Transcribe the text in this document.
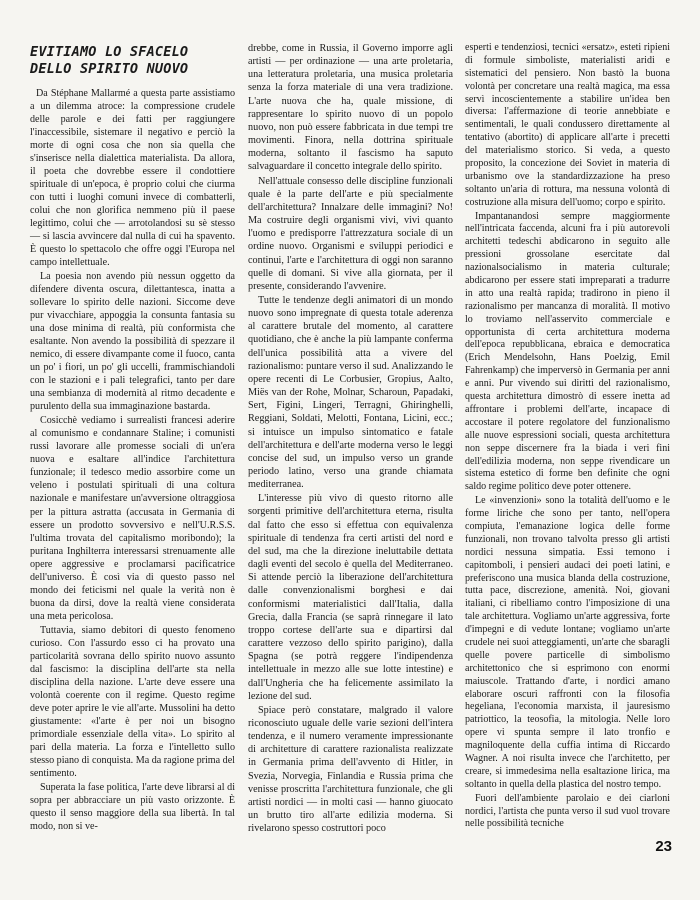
EVITIAMO LO SFACELO
DELLO SPIRITO NUOVO

Da Stéphane Mallarmé a questa parte assistiamo a un dilemma atroce: la compressione crudele delle parole e dei fatti per raggiungere l'inaccessibile, sistemare il negativo e perciò la morte di ogni cosa che non sia quella che s'inserisce nella dialettica materialista. Da allora, il poeta che dovrebbe essere il condottiere spirituale di un'epoca, è proprio colui che ciurma con tutti i luoghi comuni invece di combatterli, colui che non glorifica nemmeno più il paese legittimo, colui che — arrotolandosi su sè stesso — si lascia avvincere dal nulla di cui ha spavento. È questo lo spettacolo che offre oggi l'Europa nel campo intellettuale.

La poesia non avendo più nessun oggetto da difendere diventa oscura, dilettantesca, inatta a sollevare lo spirito delle nazioni. Siccome deve pur vivacchiare, appoggia la consunta fantasia su una dose minima di realtà, più conformista che esaltante. Non avendo la possibilità di spezzare il nemico, di essere divampante come il fuoco, canta un po' i fiori, un po' gli uccelli, frammischiandoli con le stazioni e i pali telegrafici, tanto per dare una sembianza di modernità al ritmo decadente e purulento della sua immaginazione bastarda.

Cosicchè vediamo i surrealisti francesi aderire al comunismo e condannare Staline; i comunisti russi lavorare alle promesse sociali di un'era nuova e esaltare all'indice l'architettura funzionale; il tedesco medio assorbire come un veleno i postulati spirituali di una coltura nazionale e manifestare un'avversione oltraggiosa per la pittura astratta (accusata in Germania di essere un prodotto sovversivo e nell'U.R.S.S. l'ultima trovata del capitalismo moribondo); la puritana Inghilterra interessarsi strenuamente alle opere aggressive e proclamarsi pacificatrice dell'universo. È così via di questo passo nel mondo dei feticismi nel quale la verità non è buona da dirsi, dove la realtà viene considerata una meta pericolosa.

Tuttavia, siamo debitori di questo fenomeno curioso. Con l'assurdo esso ci ha provato una particolarità sovrana dello spirito nuovo assunto dal fascismo: la disciplina dell'arte sta nella disciplina della nazione. L'arte deve essere una volontà coerente con il regime. Questo regime deve poter aprire le vie all'arte. Mussolini ha detto giustamente: «l'arte è per noi un bisogno primordiale essenziale della vita». Lo spirito al pari della materia. La forza e l'intelletto sullo stesso piano di conquista. Ma da ragione prima del sentimento.

Superata la fase politica, l'arte deve librarsi al di sopra per abbracciare un più vasto orizzonte. È questo il senso maggiore della sua libertà. In tal modo, non si ve-

drebbe, come in Russia, il Governo imporre agli artisti — per ordinazione — una arte proletaria, una letteratura proletaria, una musica proletaria senza la forza materiale di una vera tradizione. L'arte nuova che ha, quale missione, di rappresentare lo spirito nuovo di un popolo nuovo, non può essere fabbricata in due tempi tre movimenti. Finora, nella dottrina spirituale moderna, soltanto il fascismo ha saputo salvaguardare il concetto integrale dello spirito.

Nell'attuale consesso delle discipline funzionali quale è la parte dell'arte e più specialmente dell'architettura? Innalzare delle immagini? No! Ma costruire degli organismi vivi, vivi quanto l'uomo e predisporre l'attrezzatura sociale di un ordine nuovo. Organismi e sviluppi periodici e continui, l'arte e l'architettura di oggi non saranno quelle di domani. Si vive alla giornata, per il presente, considerando l'avvenire.

Tutte le tendenze degli animatori di un mondo nuovo sono impregnate di questa totale aderenza al carattere brutale del momento, al carattere quotidiano, che è anche la più lampante conferma dell'unica possibilità atta a vivere del razionalismo: puntare verso il sud. Analizzando le opere recenti di Le Corbusier, Gropius, Aalto, Miës van der Rohe, Molnar, Scharoun, Papadaki, Sert, Figini, Lingeri, Terragni, Ghiringhelli, Reggiani, Soldati, Melotti, Fontana, Licini, ecc.; si intuisce un impulso sintomatico e fatale dell'architettura e dell'arte moderna verso le leggi concise del sud, un impulso verso un grande periodo latino, verso una grande chiamata mediterranea.

L'interesse più vivo di questo ritorno alle sorgenti primitive dell'architettura eterna, risulta dal fatto che esso si effettua con equivalenza spirituale di tendenza fra certi artisti del nord e del sud, ma che la direzione ineluttabile dettata dagli eventi del secolo è quella del Mediterraneo. Si attende perciò la liberazione dell'architettura dalle convenzionalismi borghesi e dai conformismi materialistici dall'Italia, dalla Grecia, dalla Francia (se saprà rinnegare il lato troppo cortese dell'arte sua e dipartirsi dal carattere vezzoso dello spirito parigino), dalla Spagna (se potrà reggere l'indipendenza intellettuale in mezzo alle sue lotte intestine) e dall'Ungheria che ha felicemente assimilato la lezione del sud.

Spiace però constatare, malgrado il valore riconosciuto uguale delle varie sezioni dell'intera tendenza, e il numero veramente impressionante di architetture di carattere razionalista realizzate in Germania prima dell'avvento di Hitler, in Svezia, Norvegia, Finlandia e Russia prima che venisse proscritta l'architettura funzionale, che gli artisti nordici — in molti casi — hanno giuocato un brutto tiro all'arte edilizia moderna. Si rivelarono spesso costruttori poco

esperti e tendenziosi, tecnici «ersatz», esteti ripieni di formule simboliste, materialisti aridi e sistematici del pensiero. Non bastò la buona volontà per concretare una realtà magica, ma essa servì incoscientemente a stabilire un'idea ben diversa: l'affermazione di teorie annebbiate e sentimentali, le quali condussero direttamente al tentativo (abortito) di applicare all'arte i precetti del materialismo storico. Si veda, a questo proposito, la concezione dei Soviet in materia di urbanismo ove la standardizzazione ha preso soltanto un'aria di rottura, ma nessuna volontà di costruzione alla misura dell'uomo; corpo e spirito.

Impantanandosi sempre maggiormente nell'intricata faccenda, alcuni fra i più autorevoli architetti tedeschi abdicarono in seguito alle pressioni grossolane esercitate dal nazionalsocialismo in materia culturale; abdicarono per essere stati impreparati a tradurre in atto una realtà rapida; tradirono in pieno il razionalismo per mancanza di moralità. Il motivo lo troviamo nell'asservito commerciale e opportunista di certa architettura moderna dell'epoca repubblicana, ebraica e democratica (Erich Mendelsohn, Hans Poelzig, Emil Fahrenkamp) che imperversò in Germania per anni e anni. Pur vivendo sui diritti del razionalismo, questa architettura dimostrò di essere inetta ad affrontare i problemi dell'arte, incapace di accostare il potere regolatore del funzionalismo alle nuove espressioni sociali, questa architettura non seppe discernere fra la biada i veri fini dell'edilizia moderna, non seppe rivendicare un sistema estetico di forme ben definite che ogni saldo regime politico deve poter ottenere.

Le «invenzioni» sono la totalità dell'uomo e le forme liriche che sono per tanto, nell'opera compiuta, l'emanazione logica delle forme funzionali, non trovano talvolta presso gli artisti nordici nessuna simpatia. Essi temono i capitomboli, i pensieri audaci dei poeti latini, e preferiscono una musica blanda della costruzione, tutta pace, discrezione, amenità. Noi, giovani italiani, ci ribelliamo contro l'imposizione di una tale architettura. Vogliamo un'arte aggressiva, forte d'impegni e di vedute lontane; vogliamo un'arte crudele nei suoi atteggiamenti, un'arte che sbaragli quelle povere particelle di simbolismo architettonico che si esprimono con enormi maiuscole. Trattando d'arte, i nordici amano elaborare oscuri raffronti con la filosofia hegeliana, l'economia marxista, il jauresismo patriottico, la teosofia, la mitologia. Nelle loro opere vi spunta sempre il lato tronfio e magniloquente della cuffia intima di Riccardo Wagner. A noi risulta invece che l'architetto, per creare, si immedesima nella esaltazione lirica, ma soltanto in quella della plastica del nostro tempo.

Fuori dell'ambiente parolaio e dei ciarloni nordici, l'artista che punta verso il sud vuol trovare nelle possibilità tecniche

23
